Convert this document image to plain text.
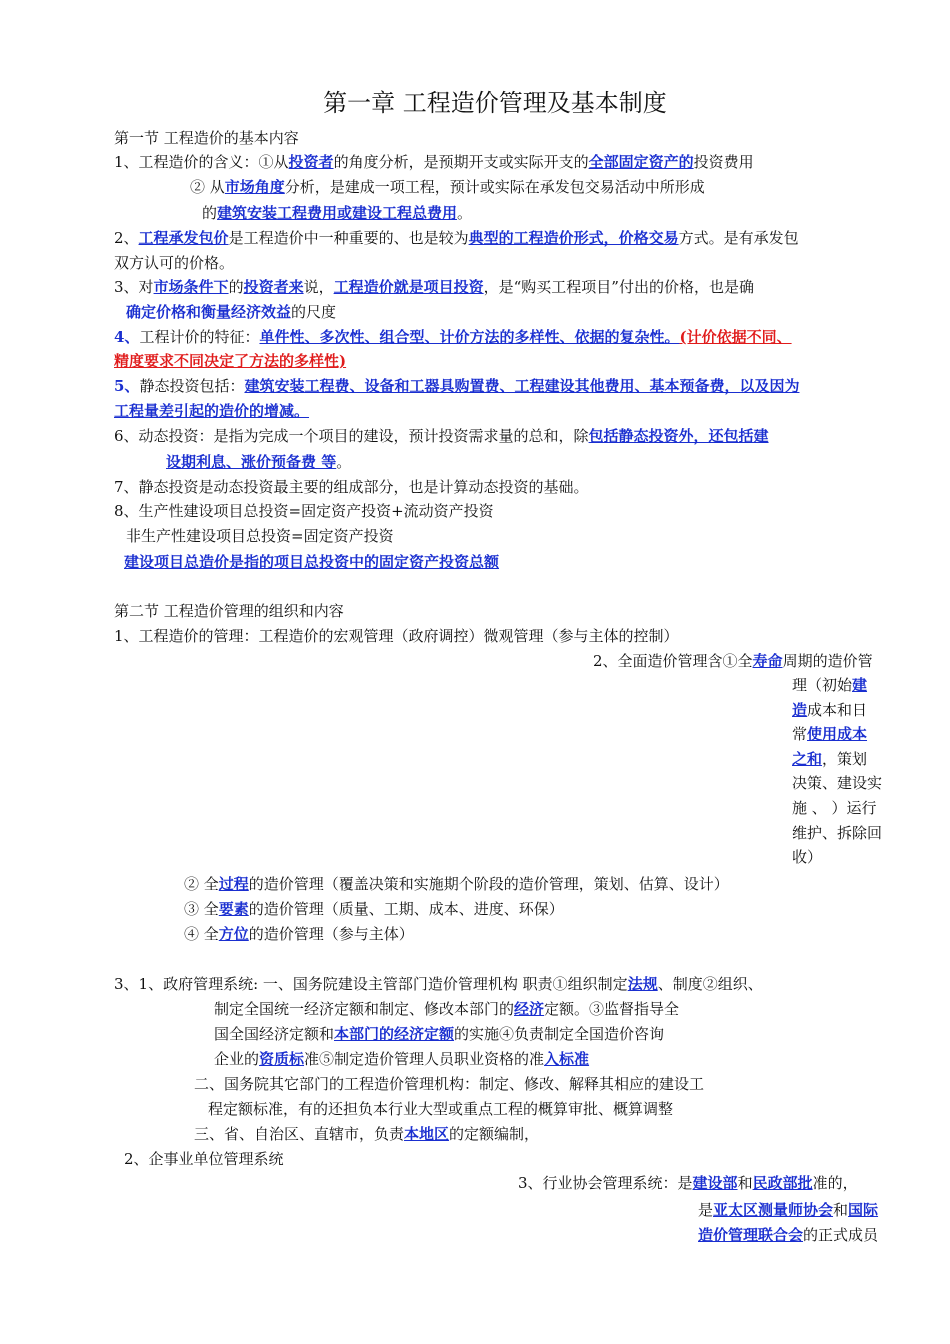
第一章 工程造价管理及基本制度
第一节 工程造价的基本内容
1、工程造价的含义：①从投资者的角度分析，是预期开支或实际开支的全部固定资产的投资费用
② 从市场角度分析，是建成一项工程，预计或实际在承发包交易活动中所形成
的建筑安装工程费用或建设工程总费用。
2、工程承发包价是工程造价中一种重要的、也是较为典型的工程造价形式，价格交易方式。是有承发包
双方认可的价格。
3、对市场条件下的投资者来说，工程造价就是项目投资，是“购买工程项目”付出的价格，也是确
确定价格和衡量经济效益的尺度
4、工程计价的特征：单件性、多次性、组合型、计价方法的多样性、依据的复杂性。(计价依据不同、
精度要求不同决定了方法的多样性)
5、静态投资包括：建筑安装工程费、设备和工器具购置费、工程建设其他费用、基本预备费，以及因为
工程量差引起的造价的增减。
6、动态投资：是指为完成一个项目的建设，预计投资需求量的总和，除包括静态投资外，还包括建
设期利息、涨价预备费 等。
7、静态投资是动态投资最主要的组成部分，也是计算动态投资的基础。
8、生产性建设项目总投资=固定资产投资+流动资产投资
非生产性建设项目总投资=固定资产投资
建设项目总造价是指的项目总投资中的固定资产投资总额
第二节 工程造价管理的组织和内容
1、工程造价的管理：工程造价的宏观管理（政府调控）微观管理（参与主体的控制）
2、全面造价管理含①全寿命周期的造价管
理（初始建造成本和日常使用成本之和，策划决策、建设实 施 、 ）运行维护、拆除回收）
② 全过程的造价管理（覆盖决策和实施期个阶段的造价管理，策划、估算、设计）
③ 全要素的造价管理（质量、工期、成本、进度、环保）
④ 全方位的造价管理（参与主体）
3、1、政府管理系统: 一、国务院建设主管部门造价管理机构 职责①组织制定法规、制度②组织、
制定全国统一经济定额和制定、修改本部门的经济定额。③监督指导全
国全国经济定额和本部门的经济定额的实施④负责制定全国造价咨询
企业的资质标准⑤制定造价管理人员职业资格的准入标准
二、国务院其它部门的工程造价管理机构：制定、修改、解释其相应的建设工
程定额标准，有的还担负本行业大型或重点工程的概算审批、概算调整
三、省、自治区、直辖市，负责本地区的定额编制，
2、企事业单位管理系统
3、行业协会管理系统：是建设部和民政部批准的，
是亚太区测量师协会和国际造价管理联合会的正式成员
